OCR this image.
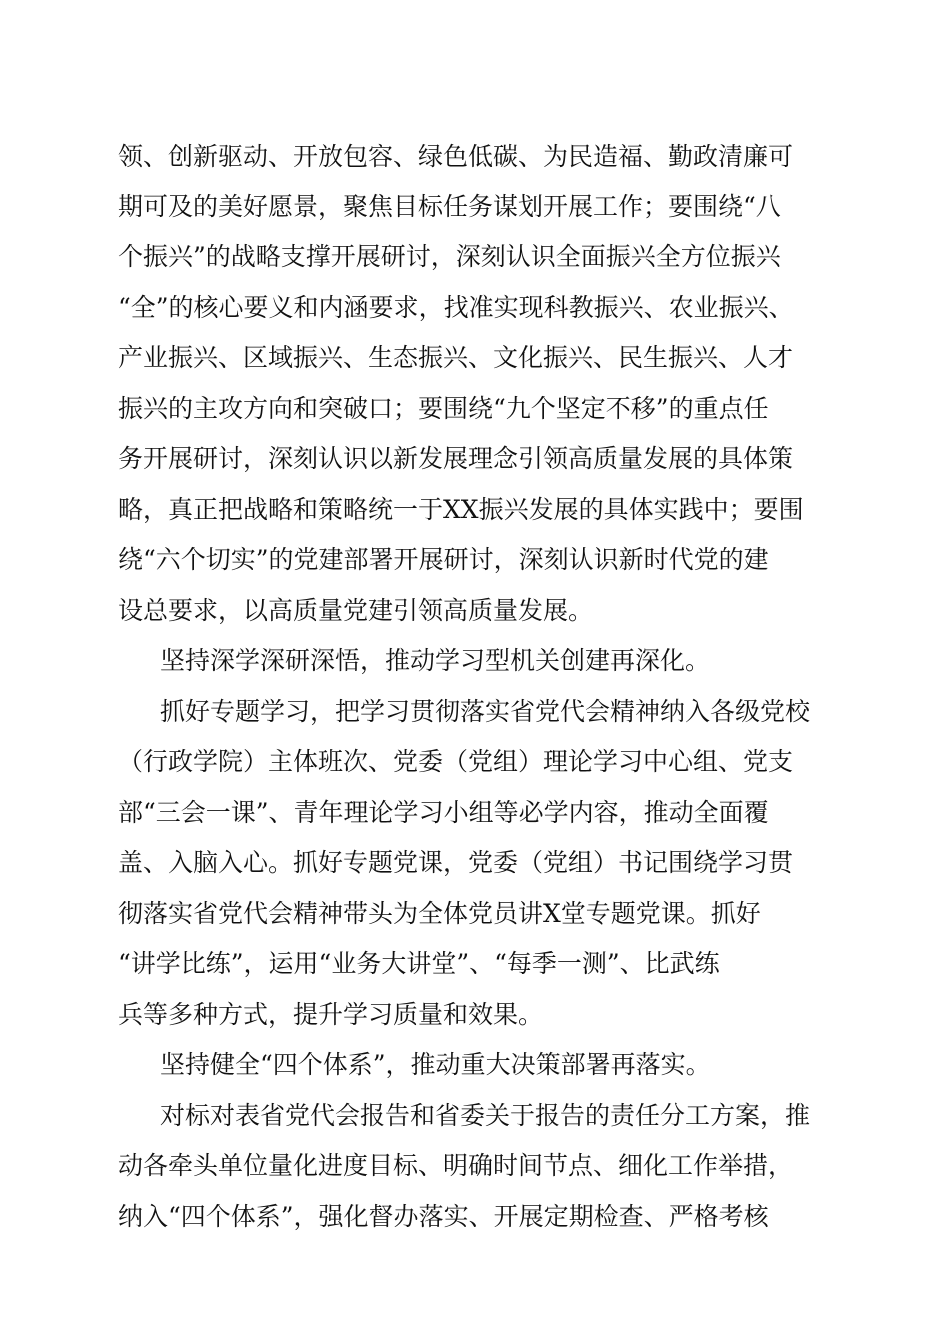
领、创新驱动、开放包容、绿色低碳、为民造福、勤政清廉可
期可及的美好愿景，聚焦目标任务谋划开展工作；要围绕“八
个振兴”的战略支撑开展研讨，深刻认识全面振兴全方位振兴
“全”的核心要义和内涵要求，找准实现科教振兴、农业振兴、
产业振兴、区域振兴、生态振兴、文化振兴、民生振兴、人才
振兴的主攻方向和突破口；要围绕“九个坚定不移”的重点任
务开展研讨，深刻认识以新发展理念引领高质量发展的具体策
略，真正把战略和策略统一于XX振兴发展的具体实践中；要围
绕“六个切实”的党建部署开展研讨，深刻认识新时代党的建
设总要求，以高质量党建引领高质量发展。
坚持深学深研深悟，推动学习型机关创建再深化。
抓好专题学习，把学习贯彻落实省党代会精神纳入各级党校
（行政学院）主体班次、党委（党组）理论学习中心组、党支
部“三会一课”、青年理论学习小组等必学内容，推动全面覆
盖、入脑入心。抓好专题党课，党委（党组）书记围绕学习贯
彻落实省党代会精神带头为全体党员讲X堂专题党课。抓好
“讲学比练”，运用“业务大讲堂”、“每季一测”、比武练
兵等多种方式，提升学习质量和效果。
坚持健全“四个体系”，推动重大决策部署再落实。
对标对表省党代会报告和省委关于报告的责任分工方案，推
动各牵头单位量化进度目标、明确时间节点、细化工作举措，
纳入“四个体系”，强化督办落实、开展定期检查、严格考核
